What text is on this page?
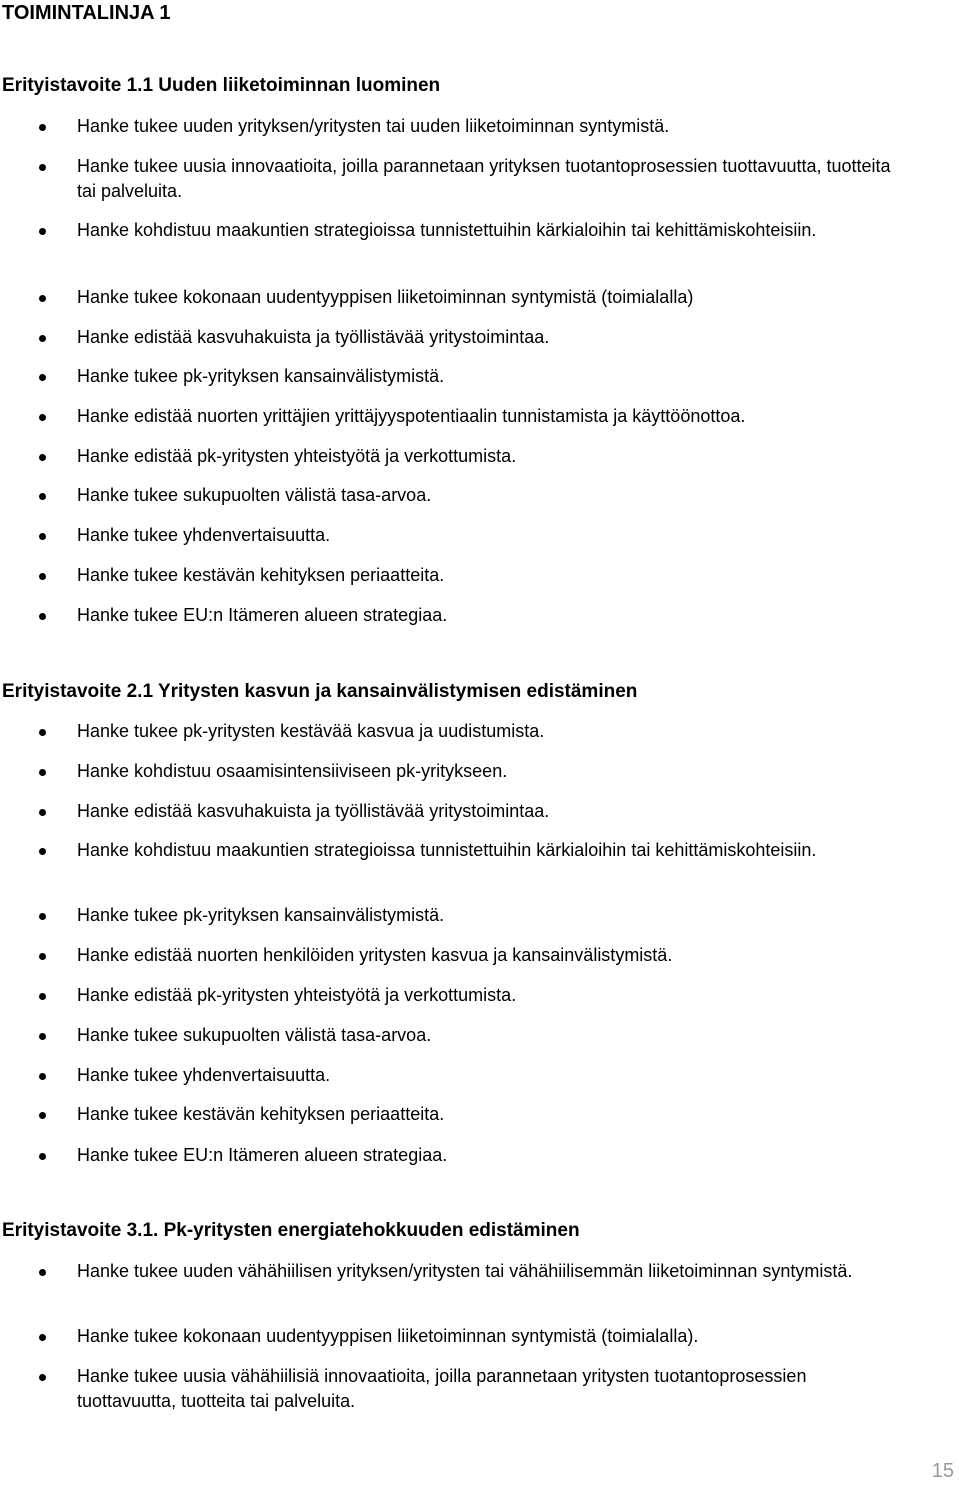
TOIMINTALINJA 1
Erityistavoite 1.1 Uuden liiketoiminnan luominen
Hanke tukee uuden yrityksen/yritysten tai uuden liiketoiminnan syntymistä.
Hanke tukee uusia innovaatioita, joilla parannetaan yrityksen tuotantoprosessien tuottavuutta, tuotteita tai palveluita.
Hanke kohdistuu maakuntien strategioissa tunnistettuihin kärkialoihin tai kehittämiskohteisiin.
Hanke tukee kokonaan uudentyyppisen liiketoiminnan syntymistä (toimialalla)
Hanke edistää kasvuhakuista ja työllistävää yritystoimintaa.
Hanke tukee pk-yrityksen kansainvälistymistä.
Hanke edistää nuorten yrittäjien yrittäjyyspotentiaalin tunnistamista ja käyttöönottoa.
Hanke edistää pk-yritysten yhteistyötä ja verkottumista.
Hanke tukee sukupuolten välistä tasa-arvoa.
Hanke tukee yhdenvertaisuutta.
Hanke tukee kestävän kehityksen periaatteita.
Hanke tukee EU:n Itämeren alueen strategiaa.
Erityistavoite 2.1 Yritysten kasvun ja kansainvälistymisen edistäminen
Hanke tukee pk-yritysten kestävää kasvua ja uudistumista.
Hanke kohdistuu osaamisintensiiviseen pk-yritykseen.
Hanke edistää kasvuhakuista ja työllistävää yritystoimintaa.
Hanke kohdistuu maakuntien strategioissa tunnistettuihin kärkialoihin tai kehittämiskohteisiin.
Hanke tukee pk-yrityksen kansainvälistymistä.
Hanke edistää nuorten henkilöiden yritysten kasvua ja kansainvälistymistä.
Hanke edistää pk-yritysten yhteistyötä ja verkottumista.
Hanke tukee sukupuolten välistä tasa-arvoa.
Hanke tukee yhdenvertaisuutta.
Hanke tukee kestävän kehityksen periaatteita.
Hanke tukee EU:n Itämeren alueen strategiaa.
Erityistavoite 3.1. Pk-yritysten energiatehokkuuden edistäminen
Hanke tukee uuden vähähiilisen yrityksen/yritysten tai vähähiilisemmän liiketoiminnan syntymistä.
Hanke tukee kokonaan uudentyyppisen liiketoiminnan syntymistä (toimialalla).
Hanke tukee uusia vähähiilisiä innovaatioita, joilla parannetaan yritysten tuotantoprosessien tuottavuutta, tuotteita tai palveluita.
15
